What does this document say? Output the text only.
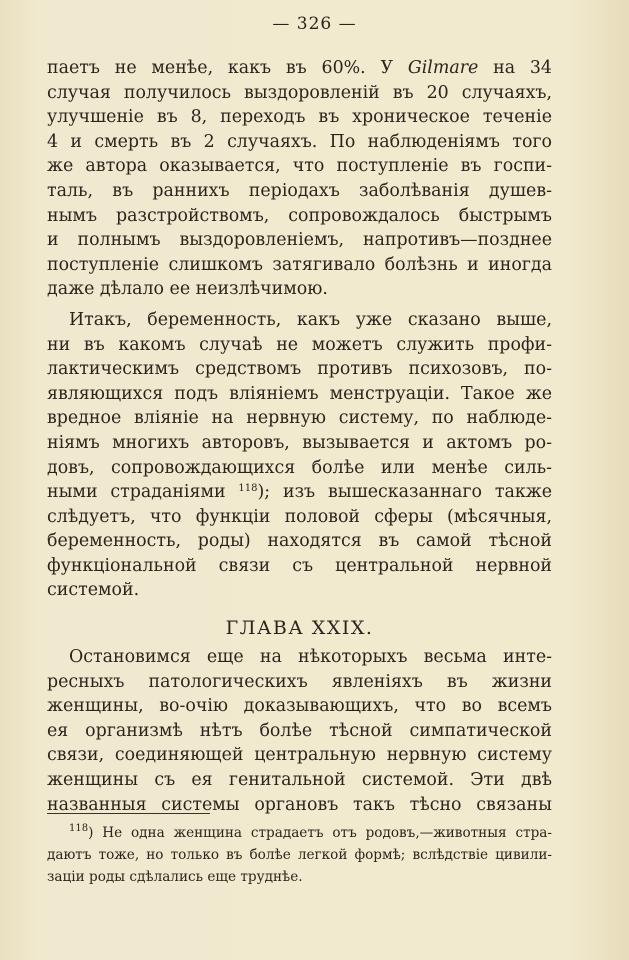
— 326 —
паетъ не менѣе, какъ въ 60%. У Gilmare на 34
случая получилось выздоровленій въ 20 случаяхъ,
улучшеніе въ 8, переходъ въ хроническое теченіе
4 и смерть въ 2 случаяхъ. По наблюденіямъ того
же автора оказывается, что поступленіе въ госпи-
таль, въ раннихъ періодахъ заболѣванія душев-
нымъ разстройствомъ, сопровождалось быстрымъ
и полнымъ выздоровленіемъ, напротивъ—позднее
поступленіе слишкомъ затягивало болѣзнь и иногда
даже дѣлало ее неизлѣчимою.
Итакъ, беременность, какъ уже сказано выше,
ни въ какомъ случаѣ не можетъ служить профи-
лактическимъ средствомъ противъ психозовъ, по-
являющихся подъ вліяніемъ менструаціи. Такое же
вредное вліяніе на нервную систему, по наблюде-
ніямъ многихъ авторовъ, вызывается и актомъ ро-
довъ, сопровождающихся болѣе или менѣе силь-
ными страданіями $^{118}$); изъ вышесказаннаго также
слѣдуетъ, что функціи половой сферы (мѣсячныя,
беременность, роды) находятся въ самой тѣсной
функціональной связи съ центральной нервной
системой.
ГЛАВА XXIX.
Остановимся еще на нѣкоторыхъ весьма инте-
ресныхъ патологическихъ явленіяхъ въ жизни
женщины, во-очію доказывающихъ, что во всемъ
ея организмѣ нѣтъ болѣе тѣсной симпатической
связи, соединяющей центральную нервную систему
женщины съ ея генитальной системой. Эти двѣ
названныя системы органовъ такъ тѣсно связаны
$^{118}$) Не одна женщина страдаетъ отъ родовъ,—животныя стра-
даютъ тоже, но только въ болѣе легкой формѣ; вслѣдствіе цивили-
заціи роды сдѣлались еще труднѣе.
